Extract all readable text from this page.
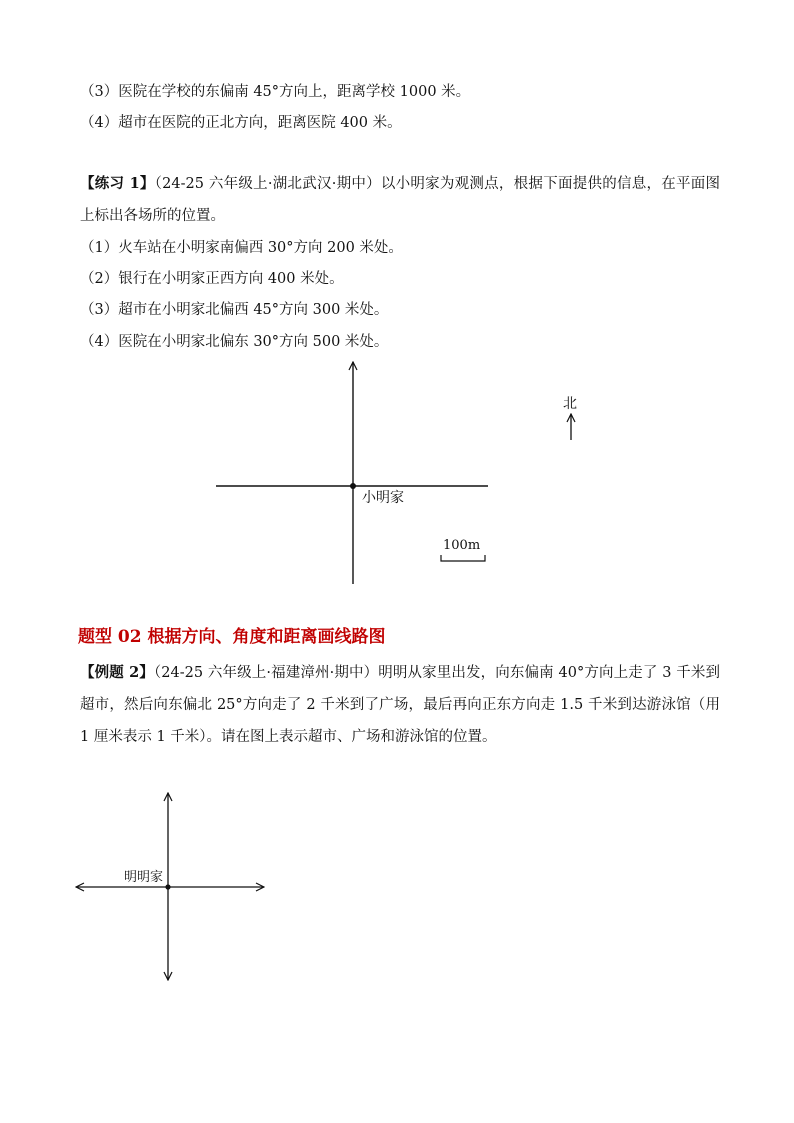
（3）医院在学校的东偏南 45°方向上，距离学校 1000 米。
（4）超市在医院的正北方向，距离医院 400 米。
【练习 1】（24-25 六年级上·湖北武汉·期中）以小明家为观测点，根据下面提供的信息，在平面图上标出各场所的位置。
（1）火车站在小明家南偏西 30°方向 200 米处。
（2）银行在小明家正西方向 400 米处。
（3）超市在小明家北偏西 45°方向 300 米处。
（4）医院在小明家北偏东 30°方向 500 米处。
小明家
北
100m
明明家
题型 02 根据方向、角度和距离画线路图
【例题 2】（24-25 六年级上·福建漳州·期中）明明从家里出发，向东偏南 40°方向上走了 3 千米到超市，然后向东偏北 25°方向走了 2 千米到了广场，最后再向正东方向走 1.5 千米到达游泳馆（用 1 厘米表示 1 千米）。请在图上表示超市、广场和游泳馆的位置。
